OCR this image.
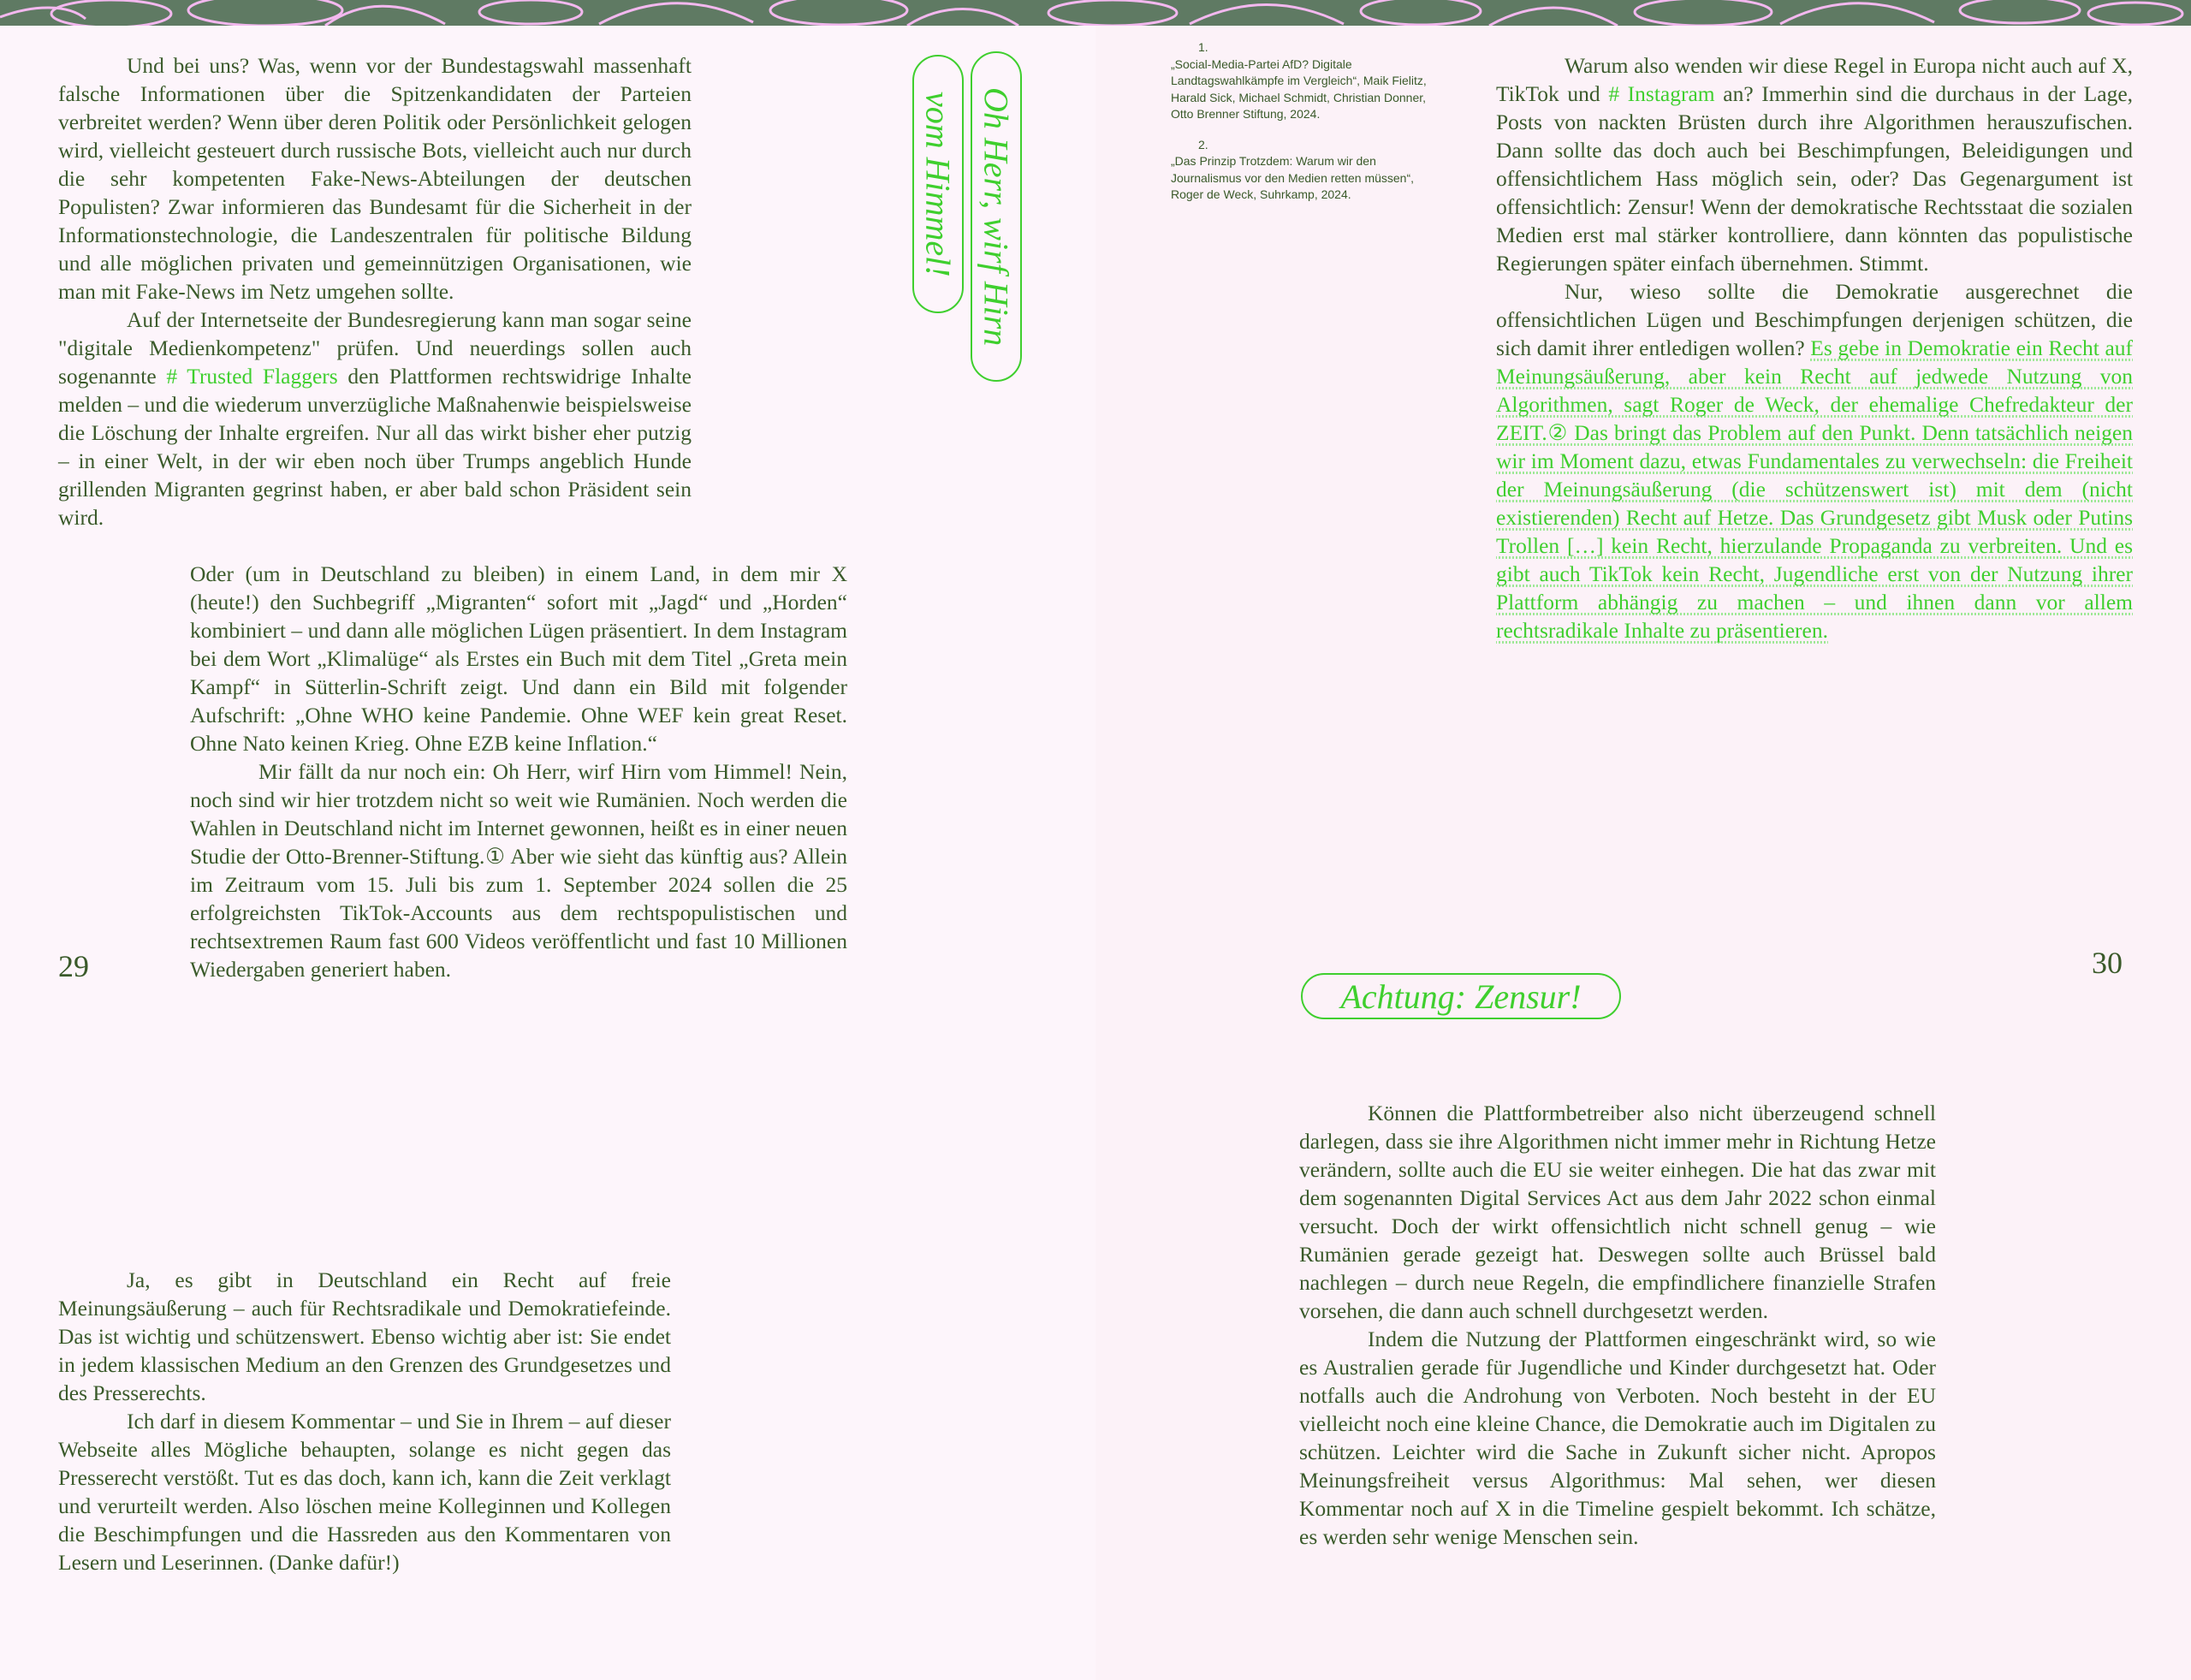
Und bei uns? Was, wenn vor der Bundestagswahl massenhaft falsche Informationen über die Spitzenkandidaten der Parteien verbreitet werden? Wenn über deren Politik oder Persönlichkeit gelogen wird, vielleicht gesteuert durch russische Bots, vielleicht auch nur durch die sehr kompetenten Fake-News-Abteilungen der deutschen Populisten? Zwar informieren das Bundesamt für die Sicherheit in der Informationstechnologie, die Landeszentralen für politische Bildung und alle möglichen privaten und gemeinnützigen Organisationen, wie man mit Fake-News im Netz umgehen sollte.

Auf der Internetseite der Bundesregierung kann man sogar seine "digitale Medienkompetenz" prüfen. Und neuerdings sollen auch sogenannte # Trusted Flaggers den Plattformen rechtswidrige Inhalte melden – und die wiederum unverzügliche Maßnahenwie beispielsweise die Löschung der Inhalte ergreifen. Nur all das wirkt bisher eher putzig – in einer Welt, in der wir eben noch über Trumps angeblich Hunde grillenden Migranten gegrinst haben, er aber bald schon Präsident sein wird.

Oder (um in Deutschland zu bleiben) in einem Land, in dem mir X (heute!) den Suchbegriff „Migranten“ sofort mit „Jagd“ und „Horden“ kombiniert – und dann alle möglichen Lügen präsentiert. In dem Instagram bei dem Wort „Klimalüge“ als Erstes ein Buch mit dem Titel „Greta mein Kampf“ in Sütterlin-Schrift zeigt. Und dann ein Bild mit folgender Aufschrift: „Ohne WHO keine Pandemie. Ohne WEF kein great Reset. Ohne Nato keinen Krieg. Ohne EZB keine Inflation.“

Mir fällt da nur noch ein: Oh Herr, wirf Hirn vom Himmel! Nein, noch sind wir hier trotzdem nicht so weit wie Rumänien. Noch werden die Wahlen in Deutschland nicht im Internet gewonnen, heißt es in einer neuen Studie der Otto-Brenner-Stiftung.① Aber wie sieht das künftig aus? Allein im Zeitraum vom 15. Juli bis zum 1. September 2024 sollen die 25 erfolgreichsten TikTok-Accounts aus dem rechtspopulistischen und rechtsextremen Raum fast 600 Videos veröffentlicht und fast 10 Millionen Wiedergaben generiert haben.

Ja, es gibt in Deutschland ein Recht auf freie Meinungsäußerung – auch für Rechtsradikale und Demokratiefeinde. Das ist wichtig und schützenswert. Ebenso wichtig aber ist: Sie endet in jedem klassischen Medium an den Grenzen des Grundgesetzes und des Presserechts.

Ich darf in diesem Kommentar – und Sie in Ihrem – auf dieser Webseite alles Mögliche behaupten, solange es nicht gegen das Presserecht verstößt. Tut es das doch, kann ich, kann die Zeit verklagt und verurteilt werden. Also löschen meine Kolleginnen und Kollegen die Beschimpfungen und die Hassreden aus den Kommentaren von Lesern und Leserinnen. (Danke dafür!)

29
Oh Herr, wirf Hirn
vom Himmel!
1.
„Social-Media-Partei AfD? Digitale Landtagswahlkämpfe im Vergleich“, Maik Fielitz, Harald Sick, Michael Schmidt, Christian Donner, Otto Brenner Stiftung, 2024.
2.
„Das Prinzip Trotzdem: Warum wir den Journalismus vor den Medien retten müssen“, Roger de Weck, Suhrkamp, 2024.

Warum also wenden wir diese Regel in Europa nicht auch auf X, TikTok und # Instagram an? Immerhin sind die durchaus in der Lage, Posts von nackten Brüsten durch ihre Algorithmen herauszufischen. Dann sollte das doch auch bei Beschimpfungen, Beleidigungen und offensichtlichem Hass möglich sein, oder? Das Gegenargument ist offensichtlich: Zensur! Wenn der demokratische Rechtsstaat die sozialen Medien erst mal stärker kontrolliere, dann könnten das populistische Regierungen später einfach übernehmen. Stimmt.

Nur, wieso sollte die Demokratie ausgerechnet die offensichtlichen Lügen und Beschimpfungen derjenigen schützen, die sich damit ihrer entledigen wollen? Es gebe in Demokratie ein Recht auf Meinungsäußerung, aber kein Recht auf jedwede Nutzung von Algorithmen, sagt Roger de Weck, der ehemalige Chefredakteur der ZEIT.② Das bringt das Problem auf den Punkt. Denn tatsächlich neigen wir im Moment dazu, etwas Fundamentales zu verwechseln: die Freiheit der Meinungsäußerung (die schützenswert ist) mit dem (nicht existierenden) Recht auf Hetze. Das Grundgesetz gibt Musk oder Putins Trollen […] kein Recht, hierzulande Propaganda zu verbreiten. Und es gibt auch TikTok kein Recht, Jugendliche erst von der Nutzung ihrer Plattform abhängig zu machen – und ihnen dann vor allem rechtsradikale Inhalte zu präsentieren.

Achtung: Zensur!
30

Können die Plattformbetreiber also nicht überzeugend schnell darlegen, dass sie ihre Algorithmen nicht immer mehr in Richtung Hetze verändern, sollte auch die EU sie weiter einhegen. Die hat das zwar mit dem sogenannten Digital Services Act aus dem Jahr 2022 schon einmal versucht. Doch der wirkt offensichtlich nicht schnell genug – wie Rumänien gerade gezeigt hat. Deswegen sollte auch Brüssel bald nachlegen – durch neue Regeln, die empfindlichere finanzielle Strafen vorsehen, die dann auch schnell durchgesetzt werden.

Indem die Nutzung der Plattformen eingeschränkt wird, so wie es Australien gerade für Jugendliche und Kinder durchgesetzt hat. Oder notfalls auch die Androhung von Verboten. Noch besteht in der EU vielleicht noch eine kleine Chance, die Demokratie auch im Digitalen zu schützen. Leichter wird die Sache in Zukunft sicher nicht. Apropos Meinungsfreiheit versus Algorithmus: Mal sehen, wer diesen Kommentar noch auf X in die Timeline gespielt bekommt. Ich schätze, es werden sehr wenige Menschen sein.
